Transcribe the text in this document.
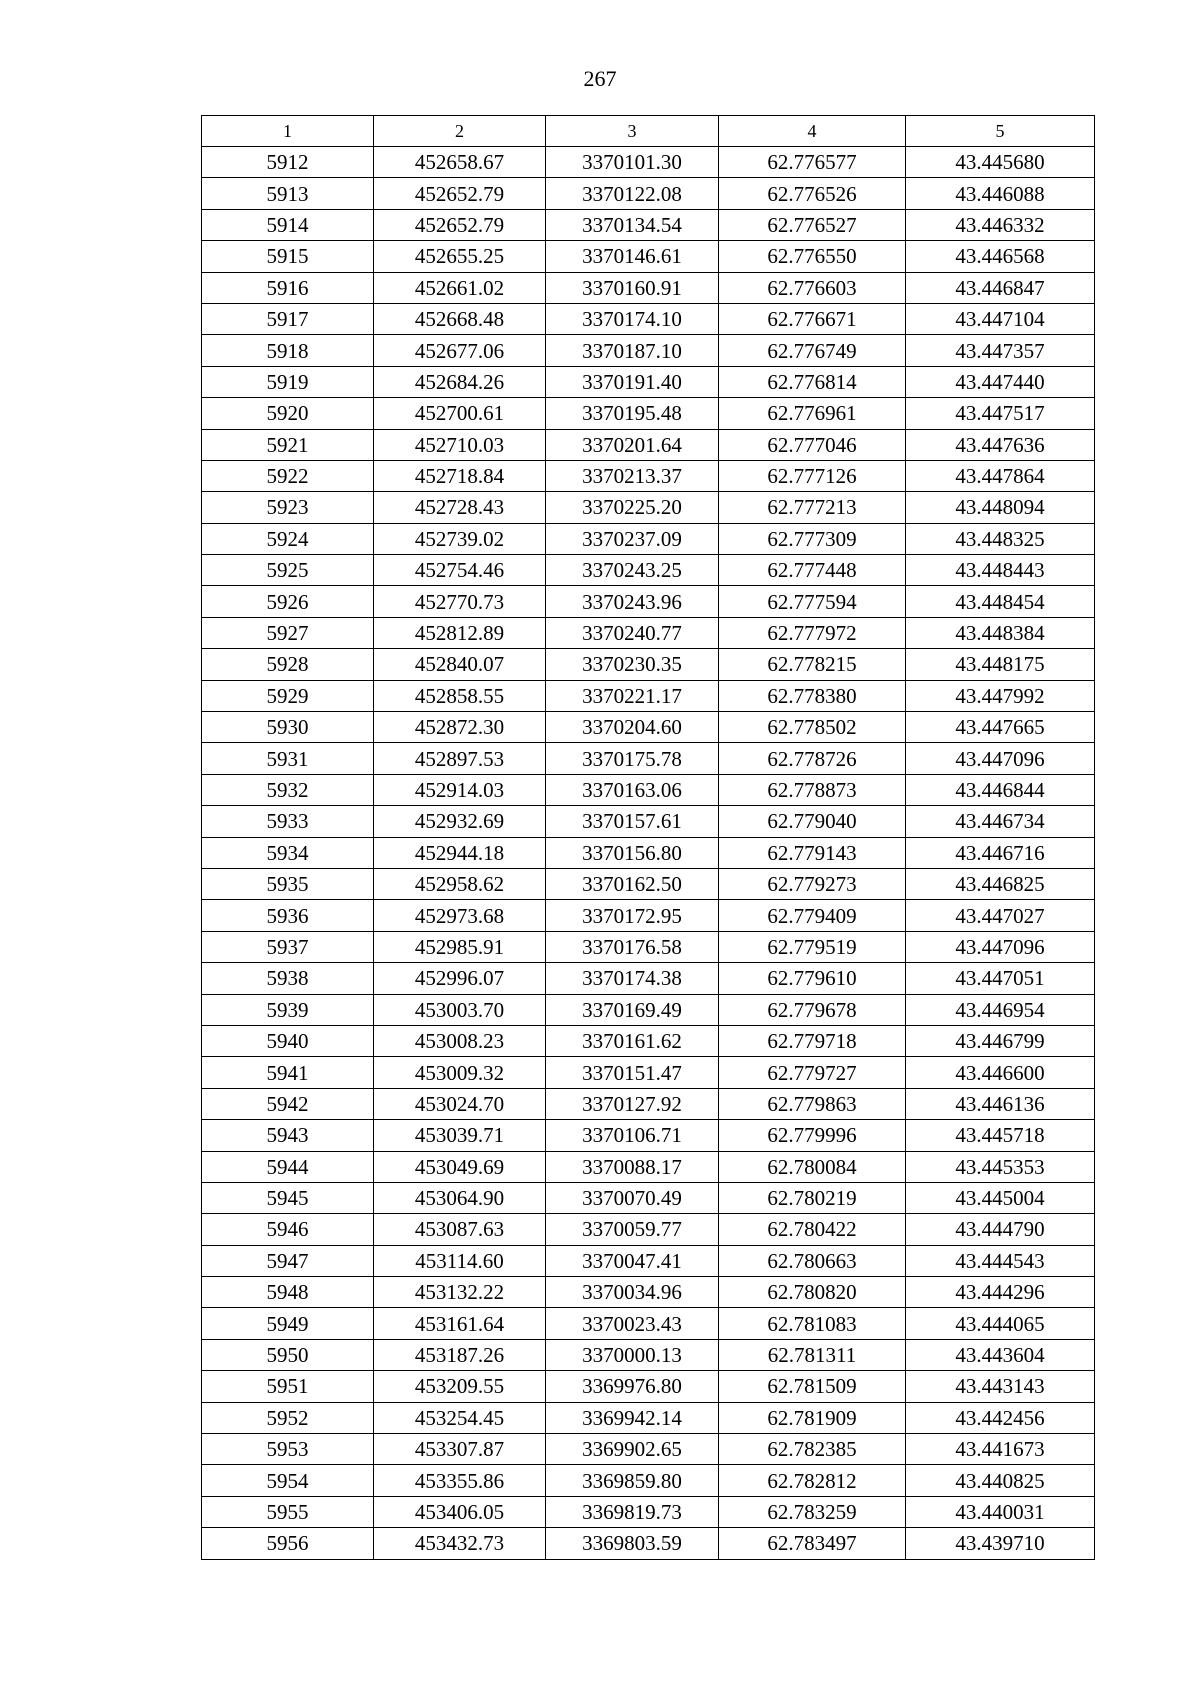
267
1	2	3	4	5
5912	452658.67	3370101.30	62.776577	43.445680
5913	452652.79	3370122.08	62.776526	43.446088
5914	452652.79	3370134.54	62.776527	43.446332
5915	452655.25	3370146.61	62.776550	43.446568
5916	452661.02	3370160.91	62.776603	43.446847
5917	452668.48	3370174.10	62.776671	43.447104
5918	452677.06	3370187.10	62.776749	43.447357
5919	452684.26	3370191.40	62.776814	43.447440
5920	452700.61	3370195.48	62.776961	43.447517
5921	452710.03	3370201.64	62.777046	43.447636
5922	452718.84	3370213.37	62.777126	43.447864
5923	452728.43	3370225.20	62.777213	43.448094
5924	452739.02	3370237.09	62.777309	43.448325
5925	452754.46	3370243.25	62.777448	43.448443
5926	452770.73	3370243.96	62.777594	43.448454
5927	452812.89	3370240.77	62.777972	43.448384
5928	452840.07	3370230.35	62.778215	43.448175
5929	452858.55	3370221.17	62.778380	43.447992
5930	452872.30	3370204.60	62.778502	43.447665
5931	452897.53	3370175.78	62.778726	43.447096
5932	452914.03	3370163.06	62.778873	43.446844
5933	452932.69	3370157.61	62.779040	43.446734
5934	452944.18	3370156.80	62.779143	43.446716
5935	452958.62	3370162.50	62.779273	43.446825
5936	452973.68	3370172.95	62.779409	43.447027
5937	452985.91	3370176.58	62.779519	43.447096
5938	452996.07	3370174.38	62.779610	43.447051
5939	453003.70	3370169.49	62.779678	43.446954
5940	453008.23	3370161.62	62.779718	43.446799
5941	453009.32	3370151.47	62.779727	43.446600
5942	453024.70	3370127.92	62.779863	43.446136
5943	453039.71	3370106.71	62.779996	43.445718
5944	453049.69	3370088.17	62.780084	43.445353
5945	453064.90	3370070.49	62.780219	43.445004
5946	453087.63	3370059.77	62.780422	43.444790
5947	453114.60	3370047.41	62.780663	43.444543
5948	453132.22	3370034.96	62.780820	43.444296
5949	453161.64	3370023.43	62.781083	43.444065
5950	453187.26	3370000.13	62.781311	43.443604
5951	453209.55	3369976.80	62.781509	43.443143
5952	453254.45	3369942.14	62.781909	43.442456
5953	453307.87	3369902.65	62.782385	43.441673
5954	453355.86	3369859.80	62.782812	43.440825
5955	453406.05	3369819.73	62.783259	43.440031
5956	453432.73	3369803.59	62.783497	43.439710
